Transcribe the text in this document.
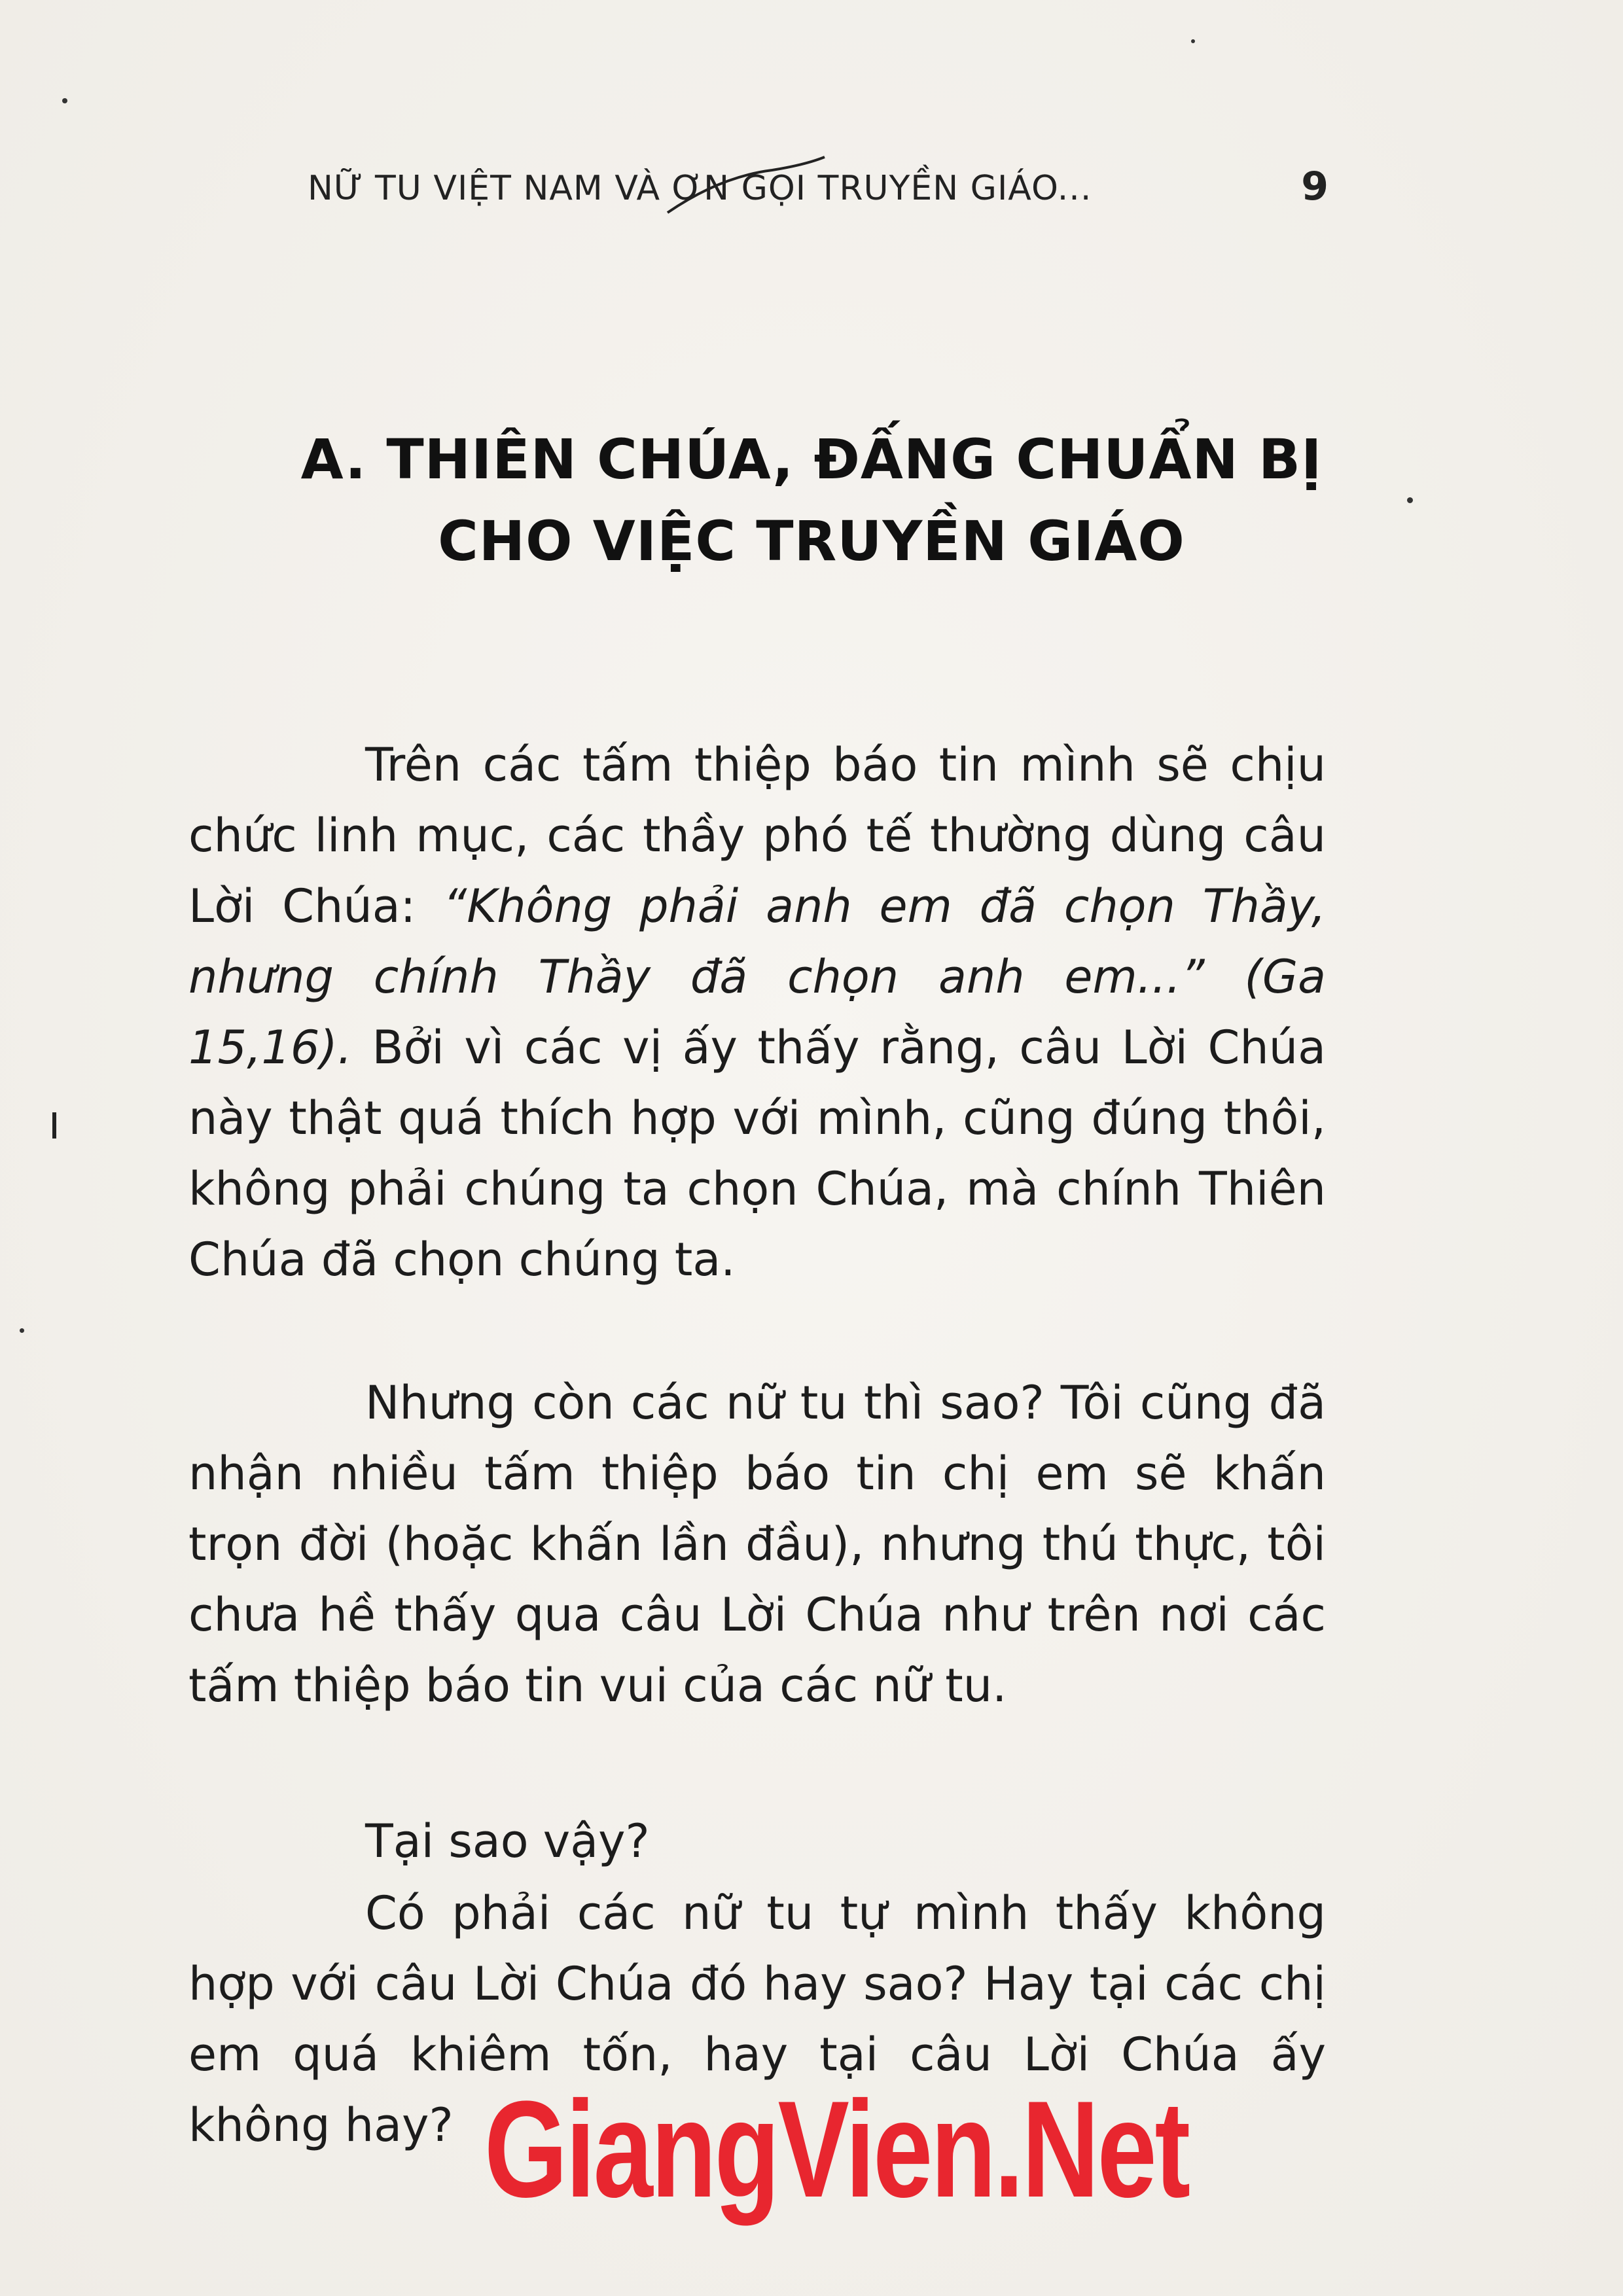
NỮ TU VIỆT NAM VÀ ƠN GỌI TRUYỀN GIÁO...	9
A. THIÊN CHÚA, ĐẤNG CHUẨN BỊ
CHO VIỆC TRUYỀN GIÁO

Trên các tấm thiệp báo tin mình sẽ chịu chức linh mục, các thầy phó tế thường dùng câu Lời Chúa: “Không phải anh em đã chọn Thầy, nhưng chính Thầy đã chọn anh em...” (Ga 15,16). Bởi vì các vị ấy thấy rằng, câu Lời Chúa này thật quá thích hợp với mình, cũng đúng thôi, không phải chúng ta chọn Chúa, mà chính Thiên Chúa đã chọn chúng ta.

Nhưng còn các nữ tu thì sao? Tôi cũng đã nhận nhiều tấm thiệp báo tin chị em sẽ khấn trọn đời (hoặc khấn lần đầu), nhưng thú thực, tôi chưa hề thấy qua câu Lời Chúa như trên nơi các tấm thiệp báo tin vui của các nữ tu.

Tại sao vậy?

Có phải các nữ tu tự mình thấy không hợp với câu Lời Chúa đó hay sao? Hay tại các chị em quá khiêm tốn, hay tại câu Lời Chúa ấy không hay? GiangVien.Net
